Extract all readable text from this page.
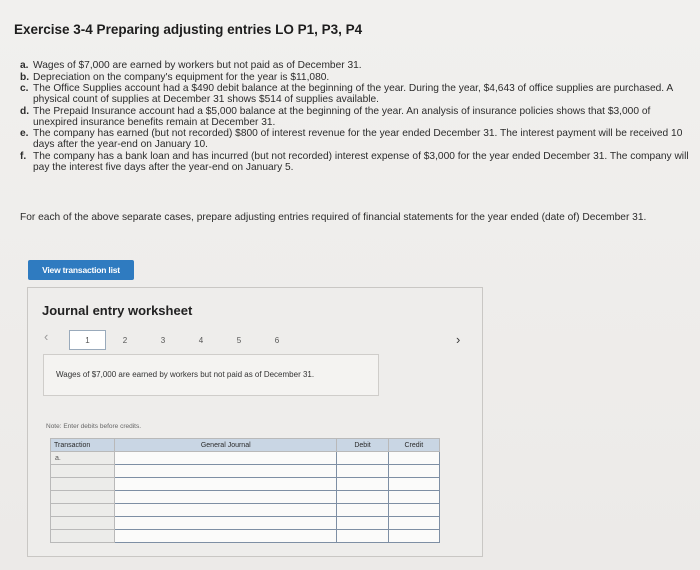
Exercise 3-4 Preparing adjusting entries LO P1, P3, P4
a. Wages of $7,000 are earned by workers but not paid as of December 31.
b. Depreciation on the company's equipment for the year is $11,080.
c. The Office Supplies account had a $490 debit balance at the beginning of the year. During the year, $4,643 of office supplies are purchased. A physical count of supplies at December 31 shows $514 of supplies available.
d. The Prepaid Insurance account had a $5,000 balance at the beginning of the year. An analysis of insurance policies shows that $3,000 of unexpired insurance benefits remain at December 31.
e. The company has earned (but not recorded) $800 of interest revenue for the year ended December 31. The interest payment will be received 10 days after the year-end on January 10.
f. The company has a bank loan and has incurred (but not recorded) interest expense of $3,000 for the year ended December 31. The company will pay the interest five days after the year-end on January 5.
For each of the above separate cases, prepare adjusting entries required of financial statements for the year ended (date of) December 31.
View transaction list
Journal entry worksheet
‹	1	2	3	4	5	6	›
Wages of $7,000 are earned by workers but not paid as of December 31.
Note: Enter debits before credits.
Transaction	General Journal	Debit	Credit
a.			
